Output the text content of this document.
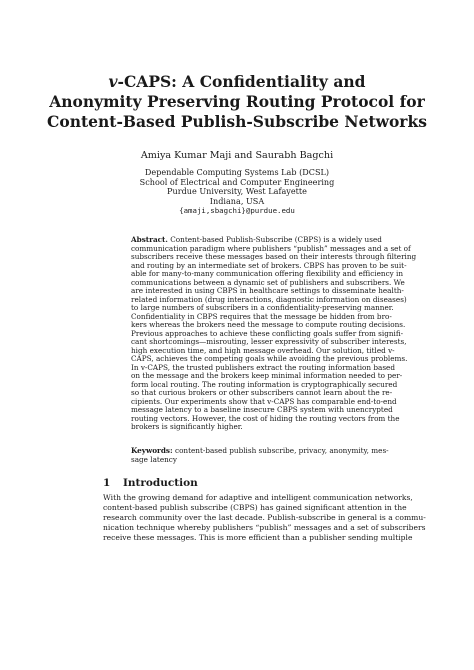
v-CAPS: A Confidentiality and
Anonymity Preserving Routing Protocol for
Content-Based Publish-Subscribe Networks
Amiya Kumar Maji and Saurabh Bagchi
Dependable Computing Systems Lab (DCSL)
School of Electrical and Computer Engineering
Purdue University, West Lafayette
Indiana, USA
{amaji,sbagchi}@purdue.edu
Abstract. Content-based Publish-Subscribe (CBPS) is a widely used
communication paradigm where publishers “publish” messages and a set of
subscribers receive these messages based on their interests through filtering
and routing by an intermediate set of brokers. CBPS has proven to be suit-
able for many-to-many communication offering flexibility and efficiency in
communications between a dynamic set of publishers and subscribers. We
are interested in using CBPS in healthcare settings to disseminate health-
related information (drug interactions, diagnostic information on diseases)
to large numbers of subscribers in a confidentiality-preserving manner.
Confidentiality in CBPS requires that the message be hidden from bro-
kers whereas the brokers need the message to compute routing decisions.
Previous approaches to achieve these conflicting goals suffer from signifi-
cant shortcomings—misrouting, lesser expressivity of subscriber interests,
high execution time, and high message overhead. Our solution, titled v-
CAPS, achieves the competing goals while avoiding the previous problems.
In v-CAPS, the trusted publishers extract the routing information based
on the message and the brokers keep minimal information needed to per-
form local routing. The routing information is cryptographically secured
so that curious brokers or other subscribers cannot learn about the re-
cipients. Our experiments show that v-CAPS has comparable end-to-end
message latency to a baseline insecure CBPS system with unencrypted
routing vectors. However, the cost of hiding the routing vectors from the
brokers is significantly higher.
Keywords: content-based publish subscribe, privacy, anonymity, mes-
sage latency
1 Introduction
With the growing demand for adaptive and intelligent communication networks,
content-based publish subscribe (CBPS) has gained significant attention in the
research community over the last decade. Publish-subscribe in general is a commu-
nication technique whereby publishers “publish” messages and a set of subscribers
receive these messages. This is more efficient than a publisher sending multiple
